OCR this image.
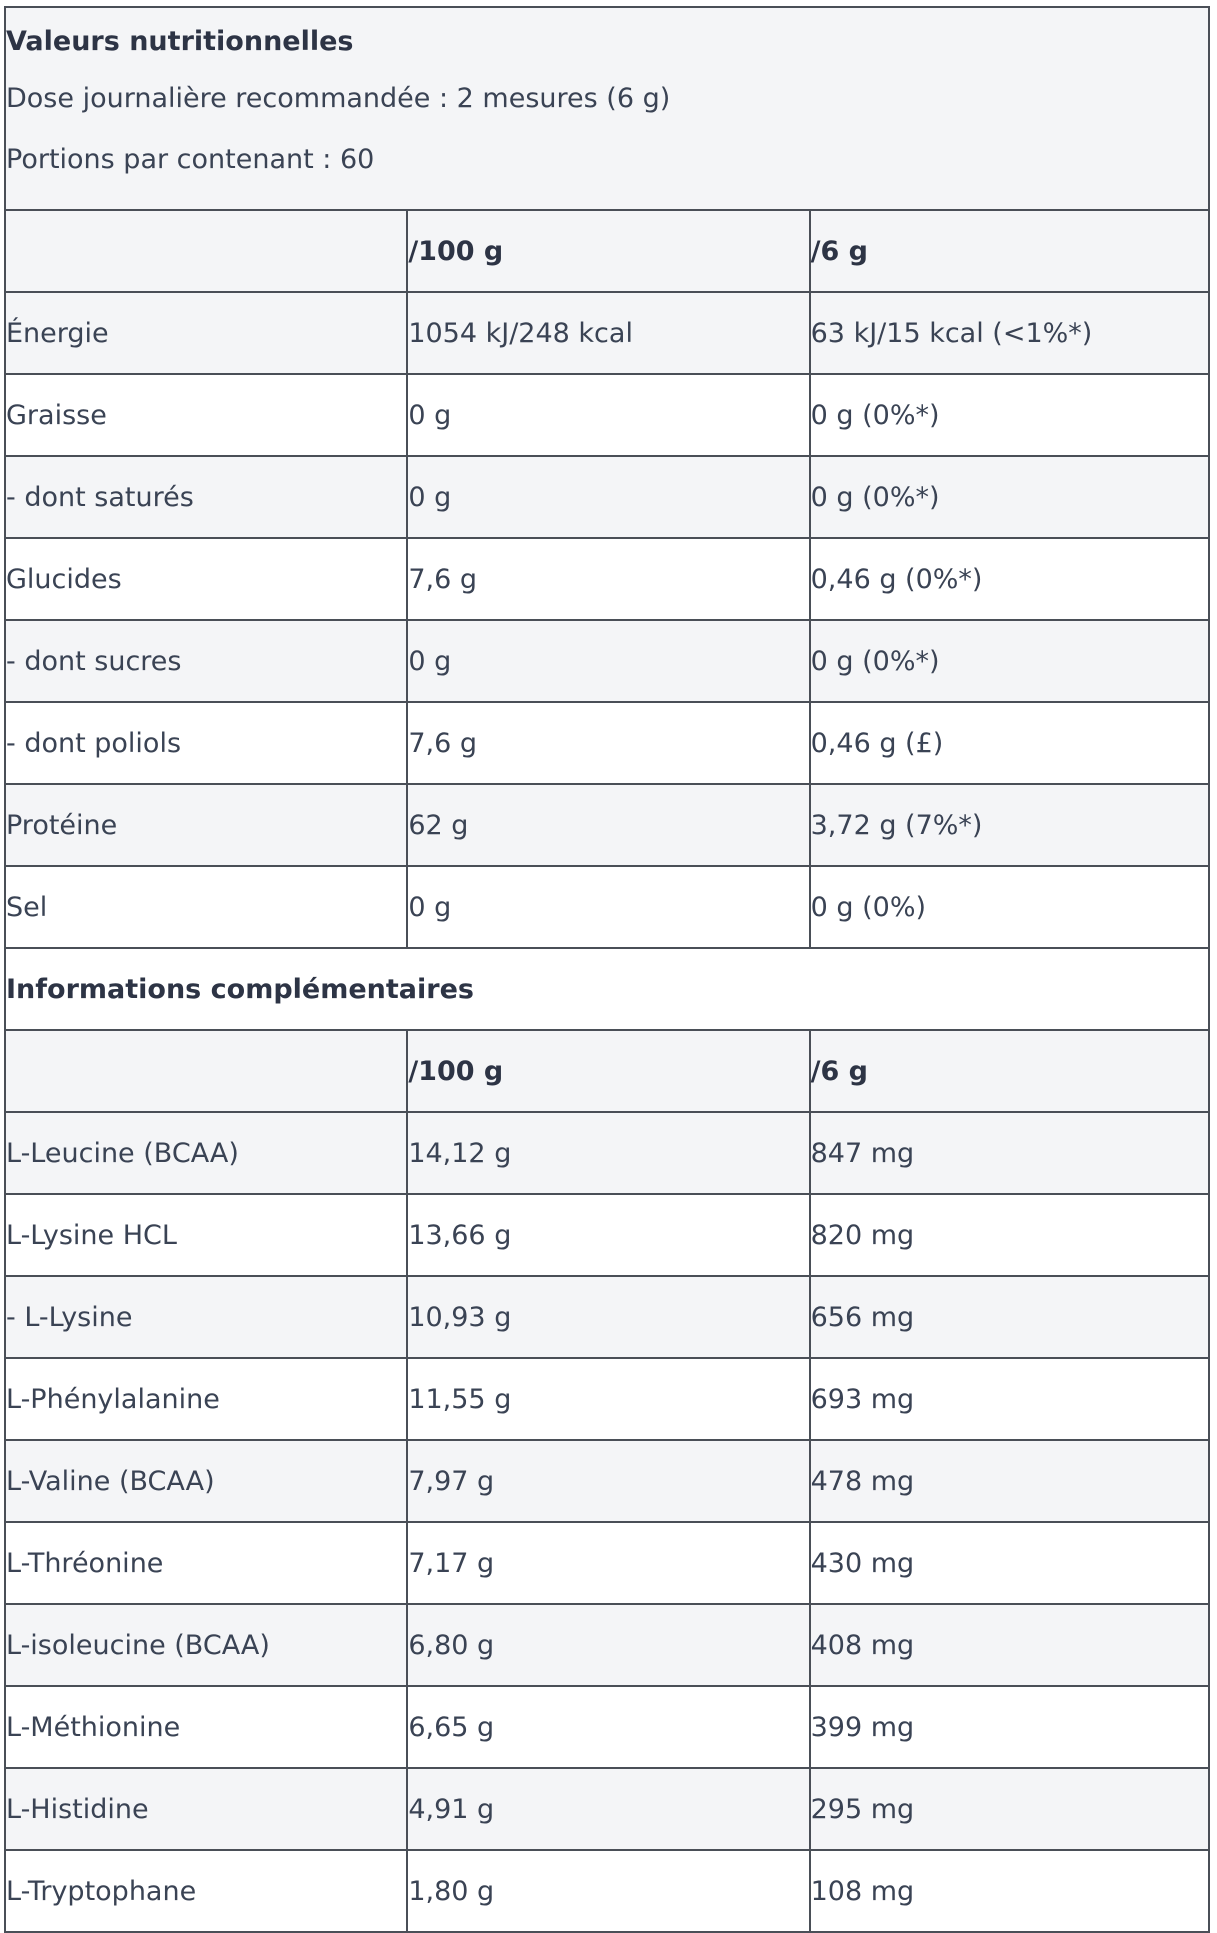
Valeurs nutritionnelles
Dose journalière recommandée : 2 mesures (6 g)
Portions par contenant : 60		

	/100 g	/6 g
Énergie	1054 kJ/248 kcal	63 kJ/15 kcal (<1%*)
Graisse	0 g	0 g (0%*)
- dont saturés	0 g	0 g (0%*)
Glucides	7,6 g	0,46 g (0%*)
- dont sucres	0 g	0 g (0%*)
- dont poliols	7,6 g	0,46 g (£)
Protéine	62 g	3,72 g (7%*)
Sel	0 g	0 g (0%)
Informations complémentaires		
	/100 g	/6 g
L-Leucine (BCAA)	14,12 g	847 mg
L-Lysine HCL	13,66 g	820 mg
- L-Lysine	10,93 g	656 mg
L-Phénylalanine	11,55 g	693 mg
L-Valine (BCAA)	7,97 g	478 mg
L-Thréonine	7,17 g	430 mg
L-isoleucine (BCAA)	6,80 g	408 mg
L-Méthionine	6,65 g	399 mg
L-Histidine	4,91 g	295 mg
L-Tryptophane	1,80 g	108 mg
